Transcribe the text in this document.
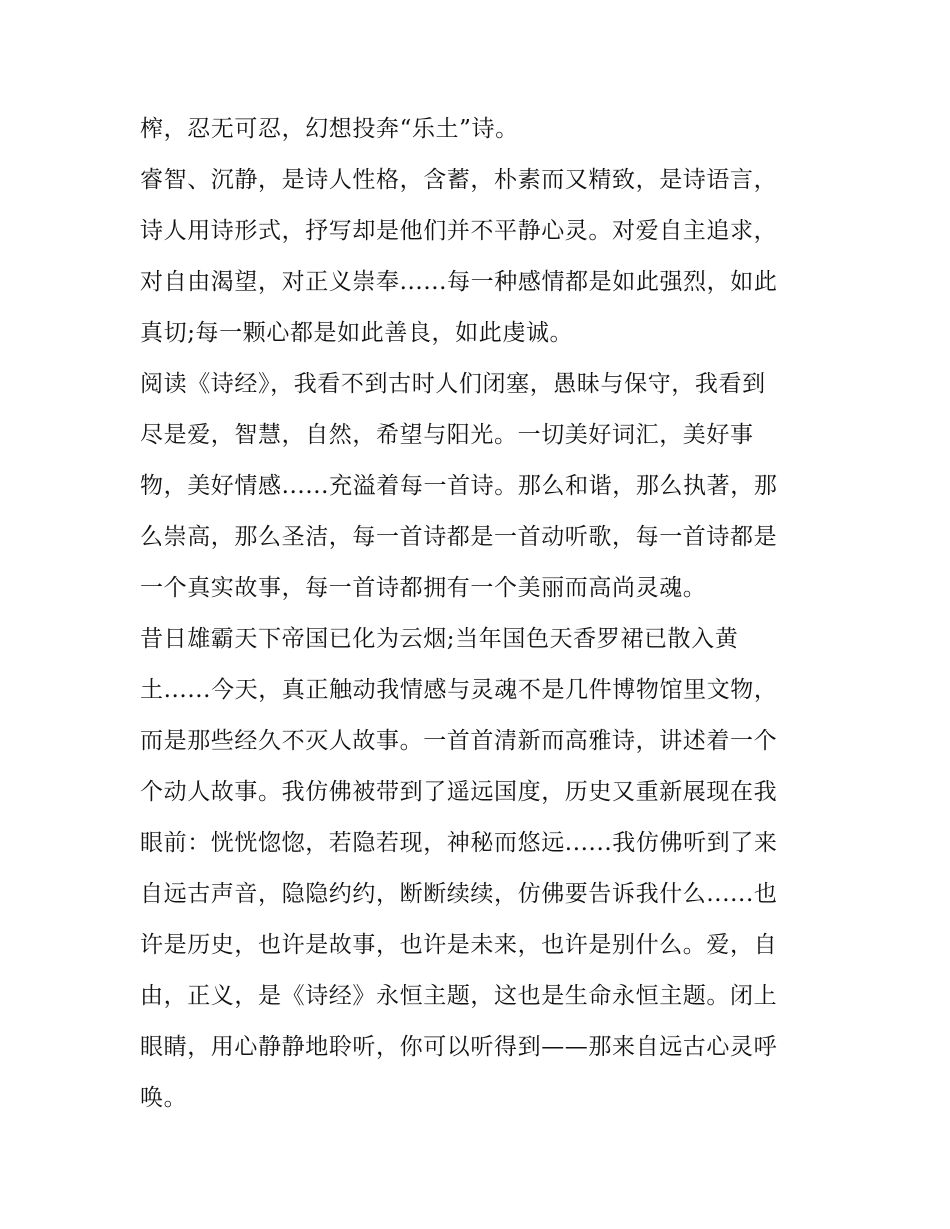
榨，忍无可忍，幻想投奔“乐土”诗。
睿智、沉静，是诗人性格，含蓄，朴素而又精致，是诗语言，
诗人用诗形式，抒写却是他们并不平静心灵。对爱自主追求，
对自由渴望，对正义崇奉......每一种感情都是如此强烈，如此
真切;每一颗心都是如此善良，如此虔诚。
阅读《诗经》，我看不到古时人们闭塞，愚昧与保守，我看到
尽是爱，智慧，自然，希望与阳光。一切美好词汇，美好事
物，美好情感......充溢着每一首诗。那么和谐，那么执著，那
么崇高，那么圣洁，每一首诗都是一首动听歌，每一首诗都是
一个真实故事，每一首诗都拥有一个美丽而高尚灵魂。
昔日雄霸天下帝国已化为云烟;当年国色天香罗裙已散入黄
土......今天，真正触动我情感与灵魂不是几件博物馆里文物，
而是那些经久不灭人故事。一首首清新而高雅诗，讲述着一个
个动人故事。我仿佛被带到了遥远国度，历史又重新展现在我
眼前：恍恍惚惚，若隐若现，神秘而悠远......我仿佛听到了来
自远古声音，隐隐约约，断断续续，仿佛要告诉我什么......也
许是历史，也许是故事，也许是未来，也许是别什么。爱，自
由，正义，是《诗经》永恒主题，这也是生命永恒主题。闭上
眼睛，用心静静地聆听，你可以听得到——那来自远古心灵呼
唤。
